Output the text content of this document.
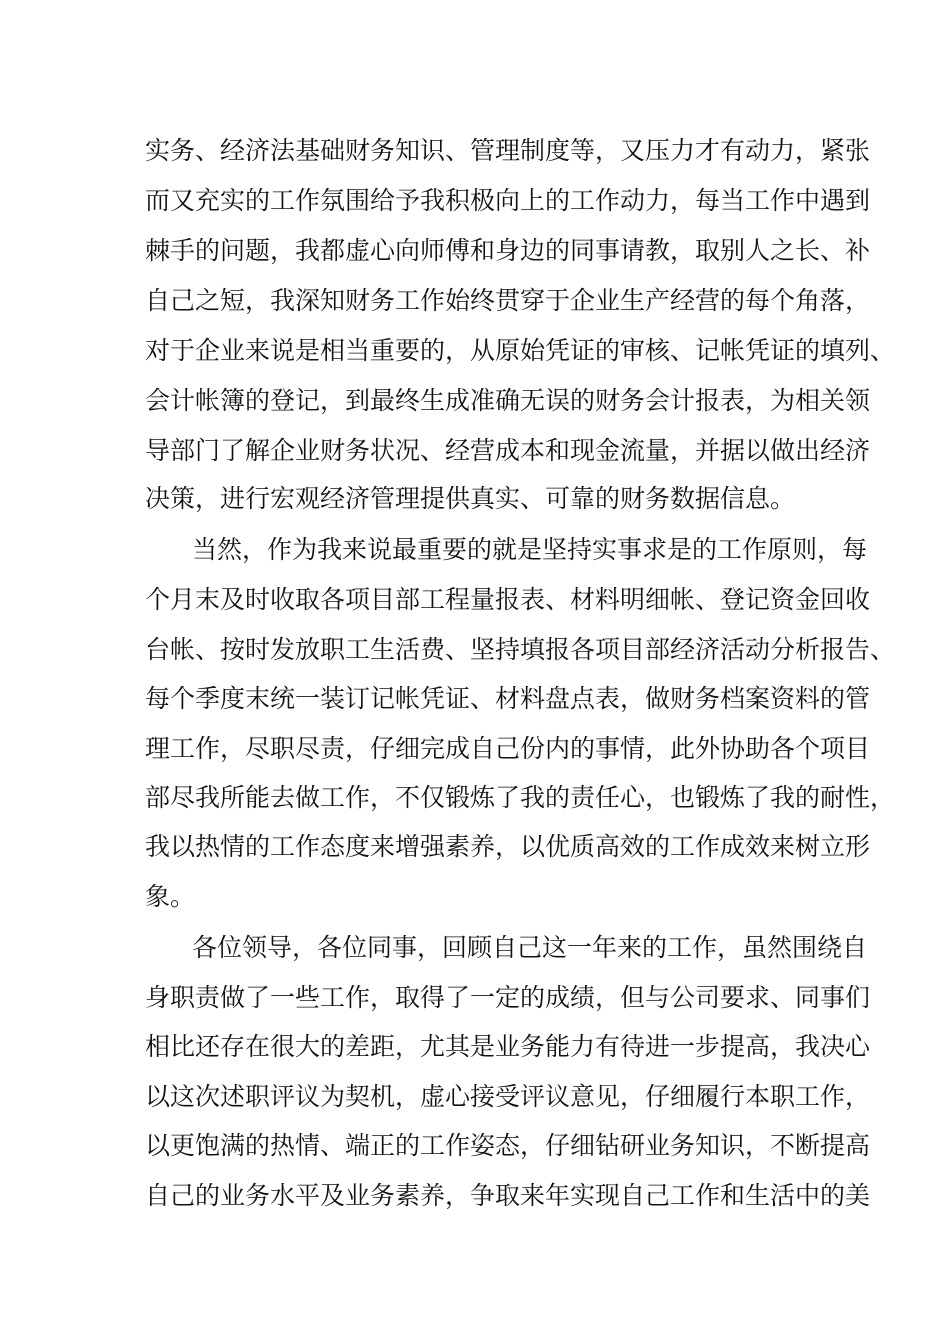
实务、经济法基础财务知识、管理制度等，又压力才有动力，紧张
而又充实的工作氛围给予我积极向上的工作动力，每当工作中遇到
棘手的问题，我都虚心向师傅和身边的同事请教，取别人之长、补
自己之短，我深知财务工作始终贯穿于企业生产经营的每个角落，
对于企业来说是相当重要的，从原始凭证的审核、记帐凭证的填列、
会计帐簿的登记，到最终生成准确无误的财务会计报表，为相关领
导部门了解企业财务状况、经营成本和现金流量，并据以做出经济
决策，进行宏观经济管理提供真实、可靠的财务数据信息。
当然，作为我来说最重要的就是坚持实事求是的工作原则，每
个月末及时收取各项目部工程量报表、材料明细帐、登记资金回收
台帐、按时发放职工生活费、坚持填报各项目部经济活动分析报告、
每个季度末统一装订记帐凭证、材料盘点表，做财务档案资料的管
理工作，尽职尽责，仔细完成自己份内的事情，此外协助各个项目
部尽我所能去做工作，不仅锻炼了我的责任心，也锻炼了我的耐性，
我以热情的工作态度来增强素养，以优质高效的工作成效来树立形
象。
各位领导，各位同事，回顾自己这一年来的工作，虽然围绕自
身职责做了一些工作，取得了一定的成绩，但与公司要求、同事们
相比还存在很大的差距，尤其是业务能力有待进一步提高，我决心
以这次述职评议为契机，虚心接受评议意见，仔细履行本职工作，
以更饱满的热情、端正的工作姿态，仔细钻研业务知识，不断提高
自己的业务水平及业务素养，争取来年实现自己工作和生活中的美
